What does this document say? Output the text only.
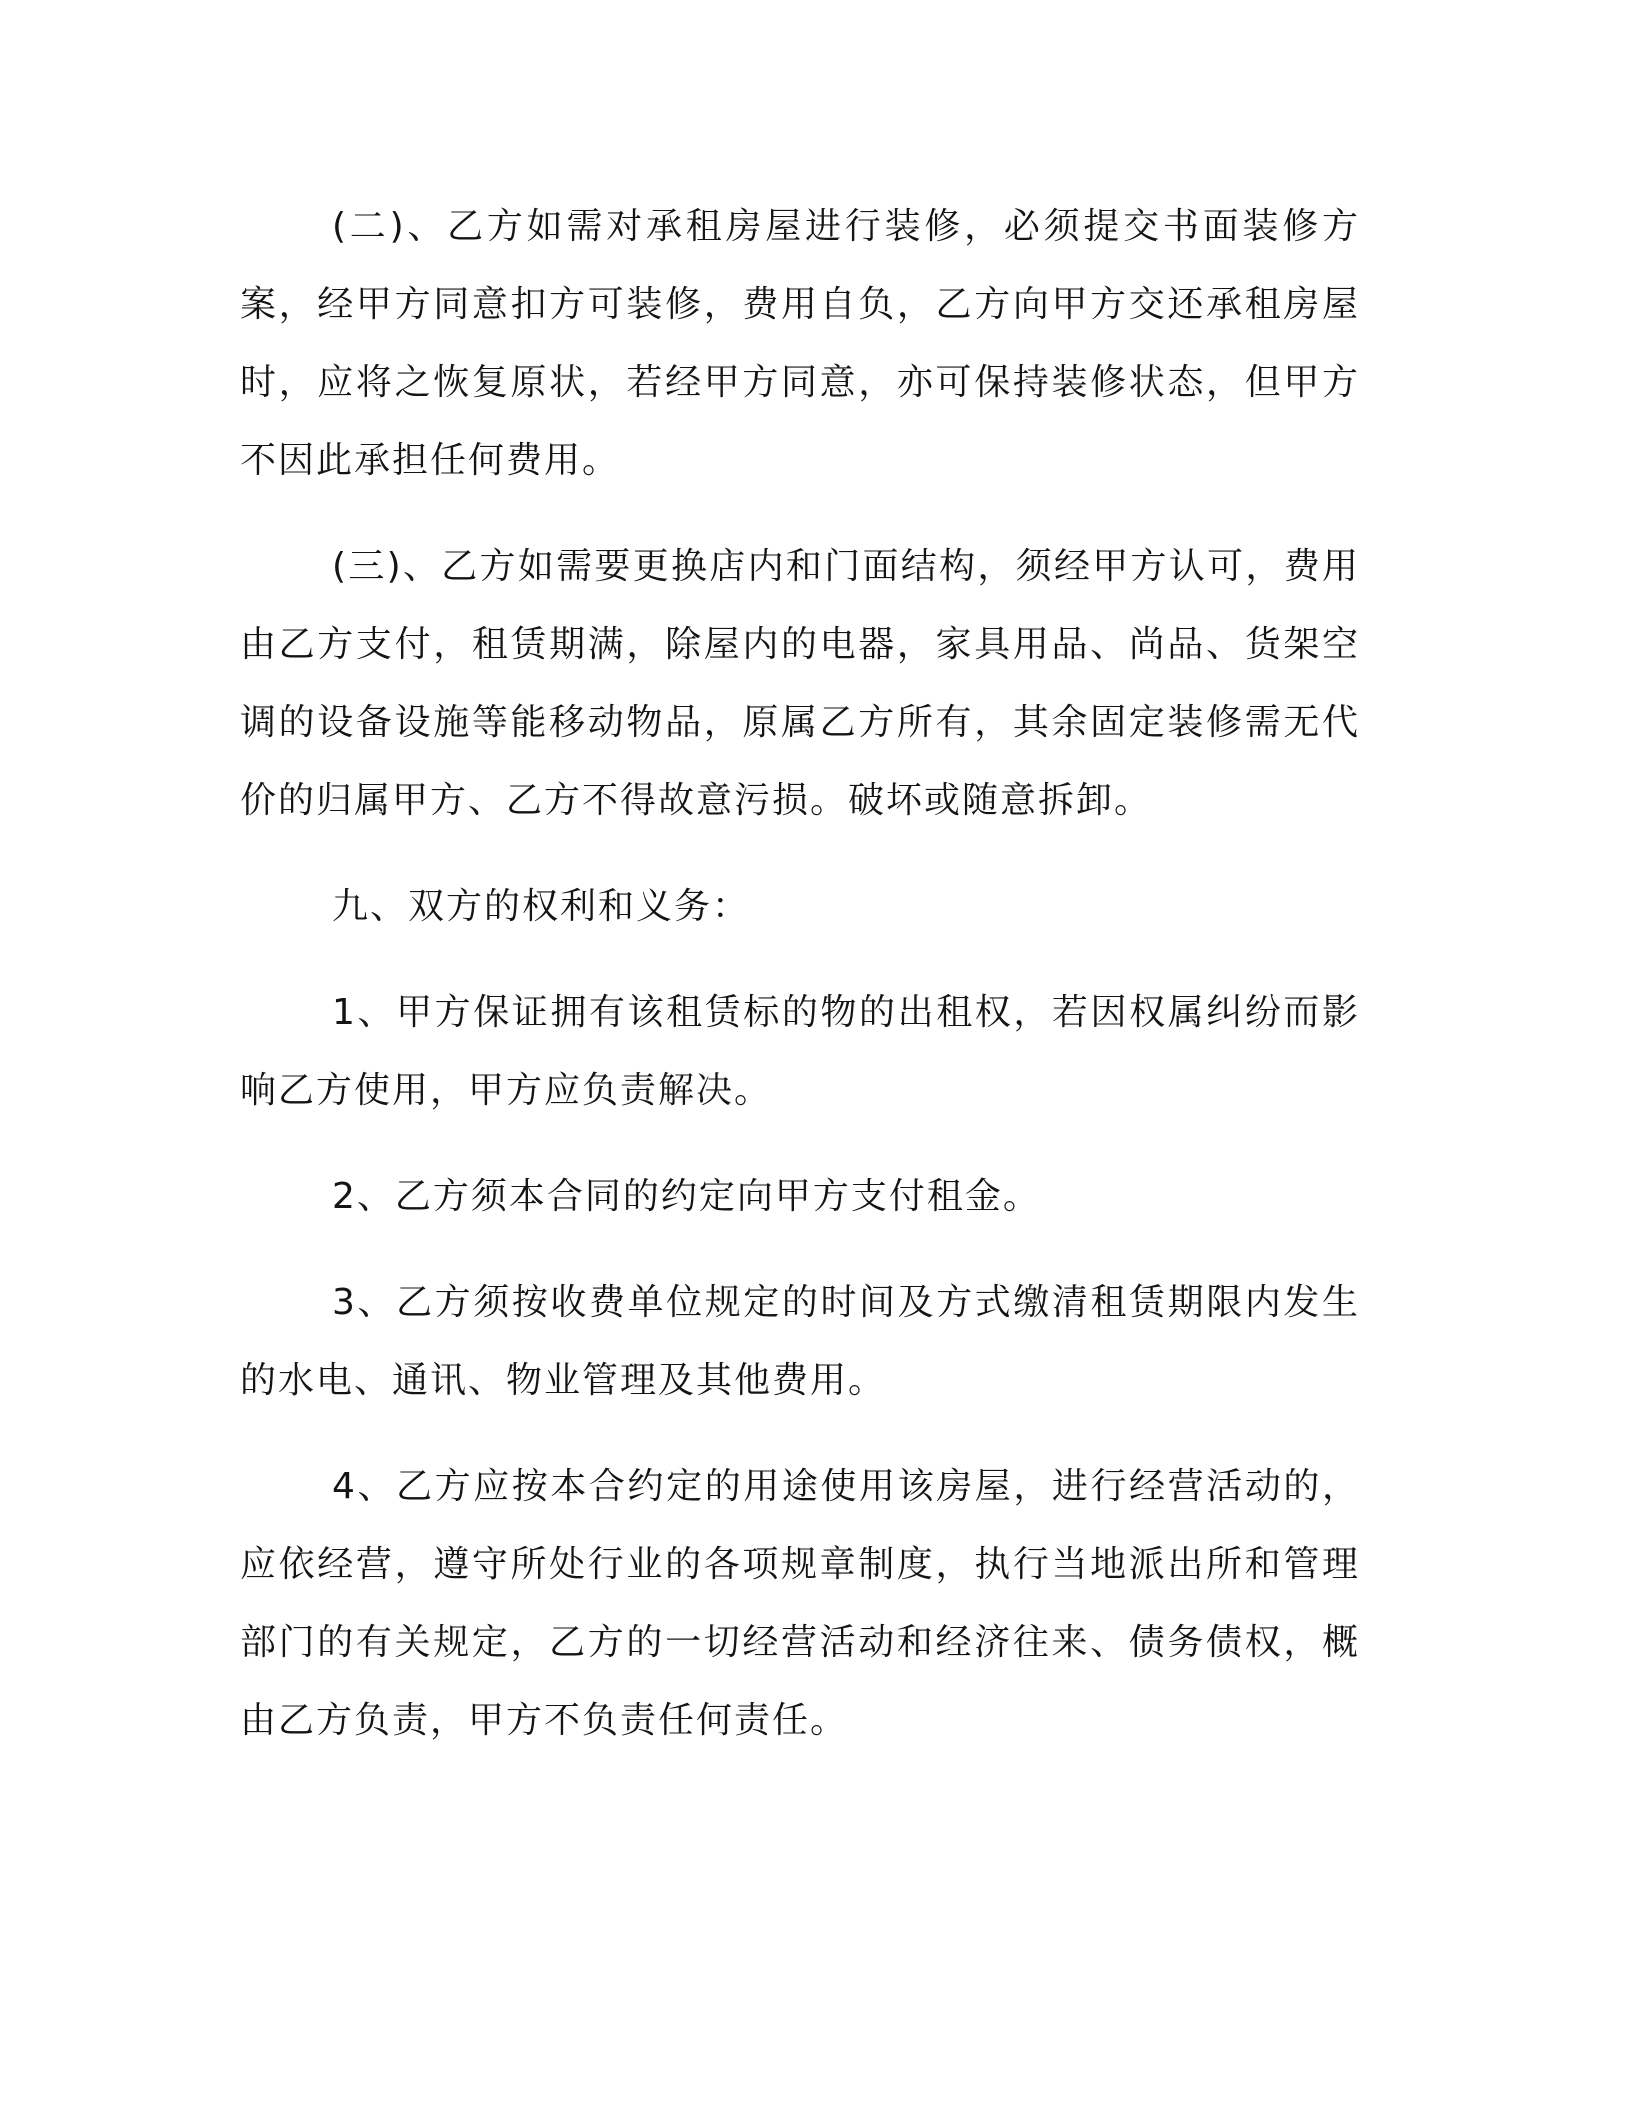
(二)、乙方如需对承租房屋进行装修，必须提交书面装修方案，经甲方同意扣方可装修，费用自负，乙方向甲方交还承租房屋时，应将之恢复原状，若经甲方同意，亦可保持装修状态，但甲方不因此承担任何费用。

(三)、乙方如需要更换店内和门面结构，须经甲方认可，费用由乙方支付，租赁期满，除屋内的电器，家具用品、尚品、货架空调的设备设施等能移动物品，原属乙方所有，其余固定装修需无代价的归属甲方、乙方不得故意污损。破坏或随意拆卸。

九、双方的权利和义务：

1、甲方保证拥有该租赁标的物的出租权，若因权属纠纷而影响乙方使用，甲方应负责解决。

2、乙方须本合同的约定向甲方支付租金。

3、乙方须按收费单位规定的时间及方式缴清租赁期限内发生的水电、通讯、物业管理及其他费用。

4、乙方应按本合约定的用途使用该房屋，进行经营活动的，应依经营，遵守所处行业的各项规章制度，执行当地派出所和管理部门的有关规定，乙方的一切经营活动和经济往来、债务债权，概由乙方负责，甲方不负责任何责任。
